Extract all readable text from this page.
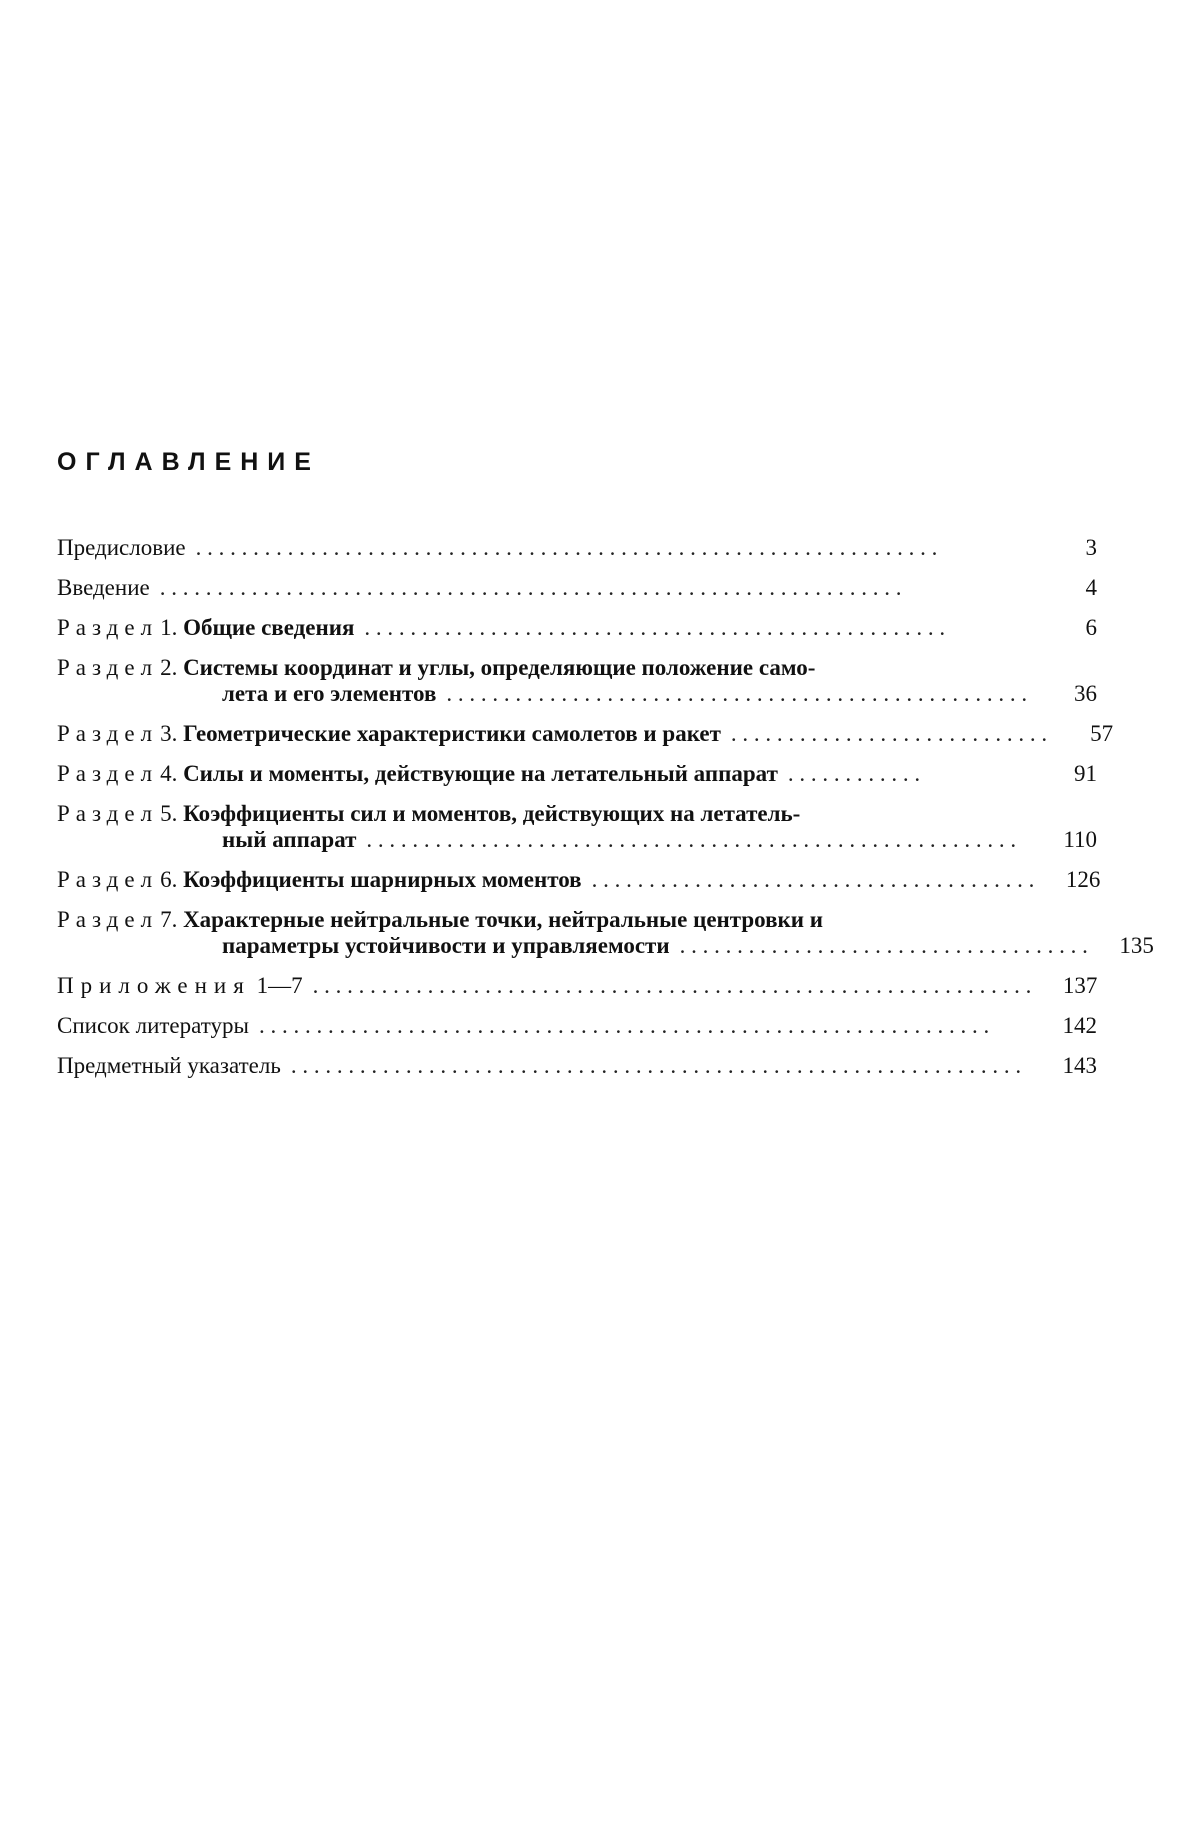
ОГЛАВЛЕНИЕ
Предисловие . . . . . . . . . . . . . . . . . . . . . . . . . . . . . . . . . . . . . . . . . . . . . . . . . . . . . . . . . . . . . . . . .	3
Введение . . . . . . . . . . . . . . . . . . . . . . . . . . . . . . . . . . . . . . . . . . . . . . . . . . . . . . . . . . . . . . . . .	4
Раздел1. Общие сведения . . . . . . . . . . . . . . . . . . . . . . . . . . . . . . . . . . . . . . . . . . . . . . . . . . .	6
Раздел2. Системы координат и углы, определяющие положение само-
лета и его элементов . . . . . . . . . . . . . . . . . . . . . . . . . . . . . . . . . . . . . . . . . . . . . . . . . . .	36
Раздел3. Геометрические характеристики самолетов и ракет . . . . . . . . . . . . . . . . . . . . . . . . . . . .	57
Раздел4. Силы и моменты, действующие на летательный аппарат . . . . . . . . . . . .	91
Раздел5. Коэффициенты сил и моментов, действующих на летатель-
ный аппарат . . . . . . . . . . . . . . . . . . . . . . . . . . . . . . . . . . . . . . . . . . . . . . . . . . . . . . . . .	110
Раздел6. Коэффициенты шарнирных моментов . . . . . . . . . . . . . . . . . . . . . . . . . . . . . . . . . . . . . . .	126
Раздел7. Характерные нейтральные точки, нейтральные центровки и
параметры устойчивости и управляемости . . . . . . . . . . . . . . . . . . . . . . . . . . . . . . . . . . . .	135
Приложения 1—7 . . . . . . . . . . . . . . . . . . . . . . . . . . . . . . . . . . . . . . . . . . . . . . . . . . . . . . . . . . . . . . .	137
Список литературы . . . . . . . . . . . . . . . . . . . . . . . . . . . . . . . . . . . . . . . . . . . . . . . . . . . . . . . . . . . . . . . .	142
Предметный указатель . . . . . . . . . . . . . . . . . . . . . . . . . . . . . . . . . . . . . . . . . . . . . . . . . . . . . . . . . . . . . . . .	143
